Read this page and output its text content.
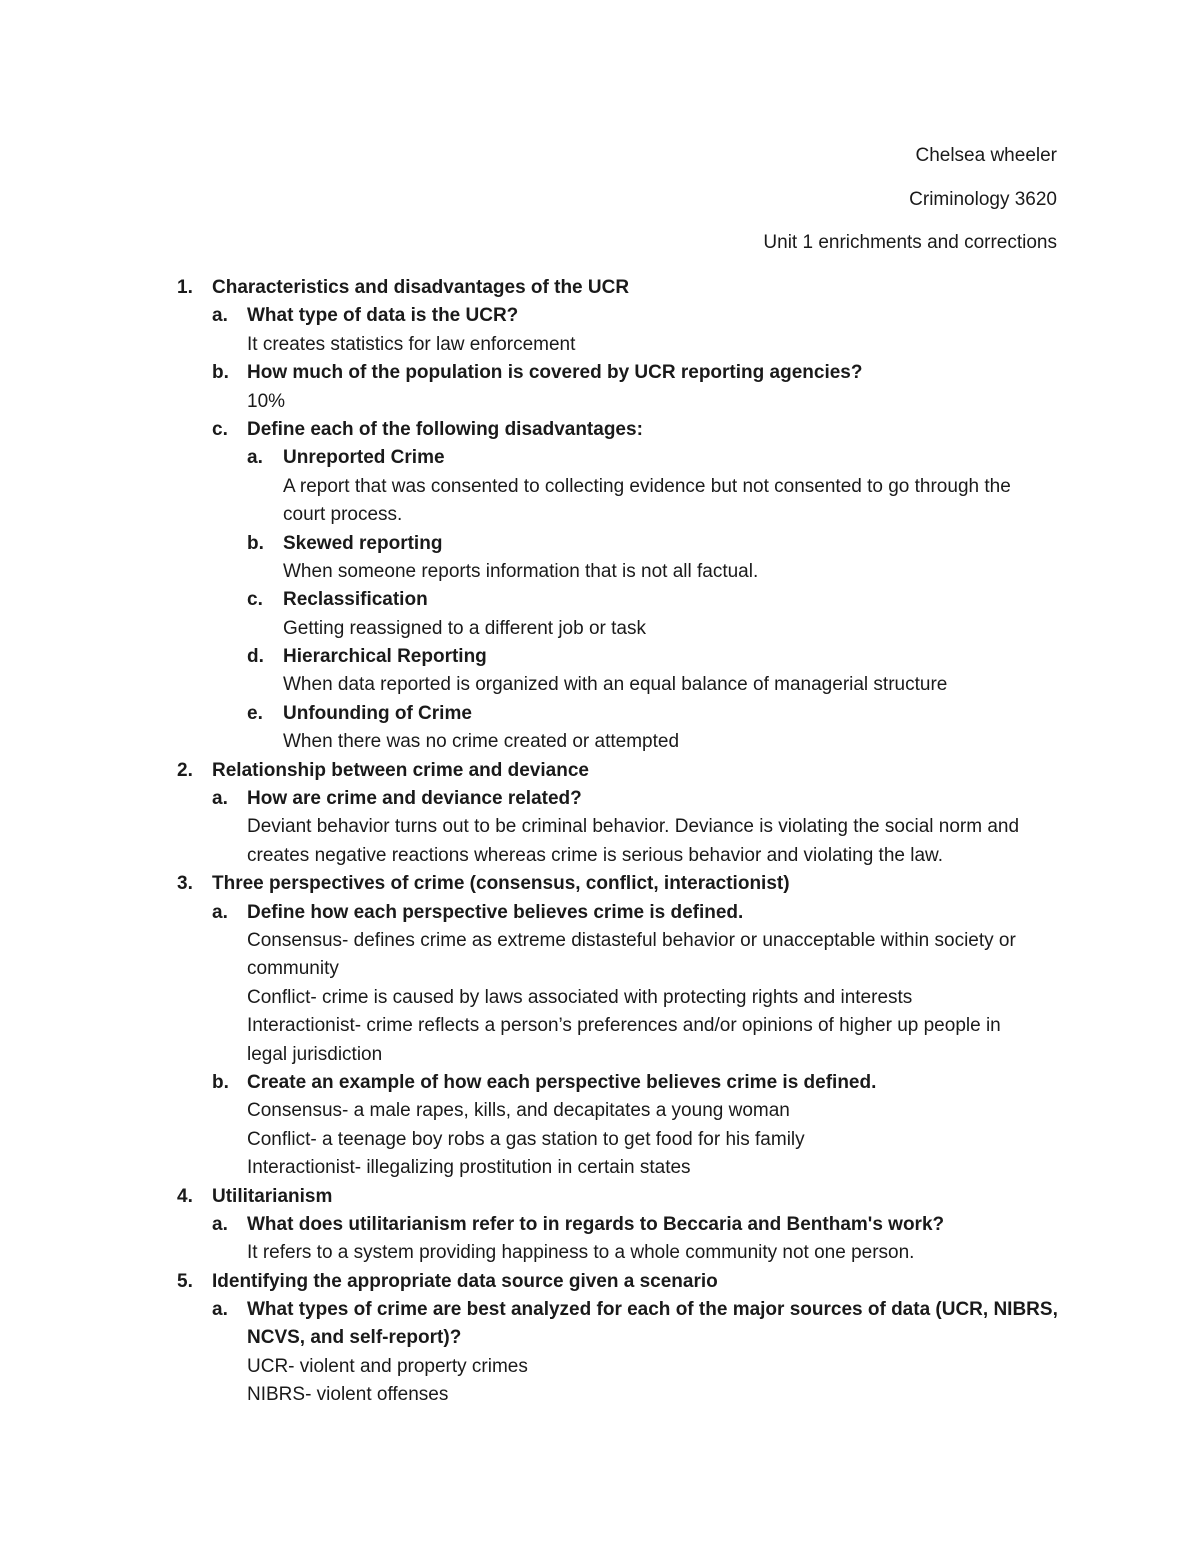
Chelsea wheeler
Criminology 3620
Unit 1 enrichments and corrections
1. Characteristics and disadvantages of the UCR
a. What type of data is the UCR?
It creates statistics for law enforcement
b. How much of the population is covered by UCR reporting agencies?
10%
c. Define each of the following disadvantages:
a. Unreported Crime
A report that was consented to collecting evidence but not consented to go through the
court process.
b. Skewed reporting
When someone reports information that is not all factual.
c. Reclassification
Getting reassigned to a different job or task
d. Hierarchical Reporting
When data reported is organized with an equal balance of managerial structure
e. Unfounding of Crime
When there was no crime created or attempted
2. Relationship between crime and deviance
a. How are crime and deviance related?
Deviant behavior turns out to be criminal behavior. Deviance is violating the social norm and
creates negative reactions whereas crime is serious behavior and violating the law.
3. Three perspectives of crime (consensus, conflict, interactionist)
a. Define how each perspective believes crime is defined.
Consensus- defines crime as extreme distasteful behavior or unacceptable within society or
community
Conflict- crime is caused by laws associated with protecting rights and interests
Interactionist- crime reflects a person’s preferences and/or opinions of higher up people in
legal jurisdiction
b. Create an example of how each perspective believes crime is defined.
Consensus- a male rapes, kills, and decapitates a young woman
Conflict- a teenage boy robs a gas station to get food for his family
Interactionist- illegalizing prostitution in certain states
4. Utilitarianism
a. What does utilitarianism refer to in regards to Beccaria and Bentham's work?
It refers to a system providing happiness to a whole community not one person.
5. Identifying the appropriate data source given a scenario
a. What types of crime are best analyzed for each of the major sources of data (UCR, NIBRS,
NCVS, and self-report)?
UCR- violent and property crimes
NIBRS- violent offenses
